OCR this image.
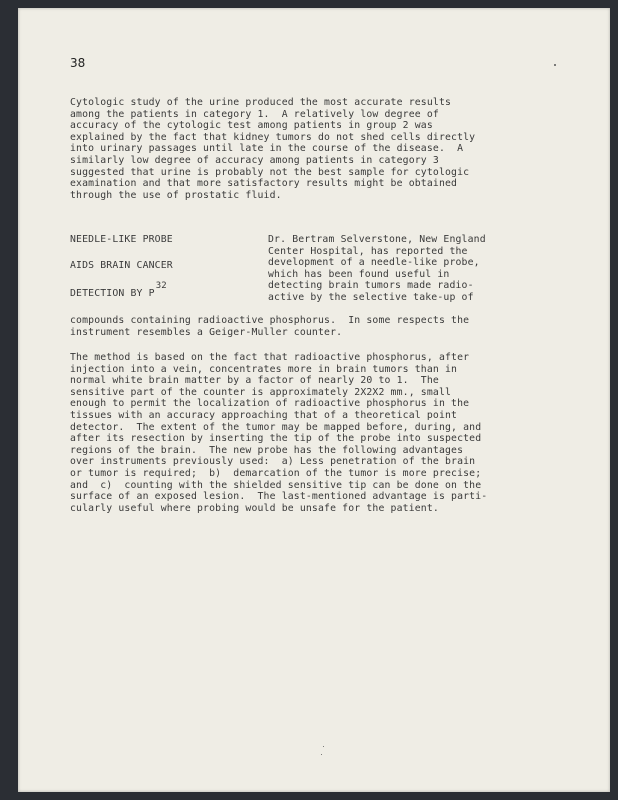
38
Cytologic study of the urine produced the most accurate results
among the patients in category 1.  A relatively low degree of
accuracy of the cytologic test among patients in group 2 was
explained by the fact that kidney tumors do not shed cells directly
into urinary passages until late in the course of the disease.  A
similarly low degree of accuracy among patients in category 3
suggested that urine is probably not the best sample for cytologic
examination and that more satisfactory results might be obtained
through the use of prostatic fluid.
NEEDLE-LIKE PROBE
AIDS BRAIN CANCER
DETECTION BY P32
Dr. Bertram Selverstone, New England
Center Hospital, has reported the
development of a needle-like probe,
which has been found useful in
detecting brain tumors made radio-
active by the selective take-up of
compounds containing radioactive phosphorus.  In some respects the
instrument resembles a Geiger-Muller counter.
The method is based on the fact that radioactive phosphorus, after
injection into a vein, concentrates more in brain tumors than in
normal white brain matter by a factor of nearly 20 to 1.  The
sensitive part of the counter is approximately 2X2X2 mm., small
enough to permit the localization of radioactive phosphorus in the
tissues with an accuracy approaching that of a theoretical point
detector.  The extent of the tumor may be mapped before, during, and
after its resection by inserting the tip of the probe into suspected
regions of the brain.  The new probe has the following advantages
over instruments previously used:  a) Less penetration of the brain
or tumor is required;  b)  demarcation of the tumor is more precise;
and  c)  counting with the shielded sensitive tip can be done on the
surface of an exposed lesion.  The last-mentioned advantage is parti-
cularly useful where probing would be unsafe for the patient.
